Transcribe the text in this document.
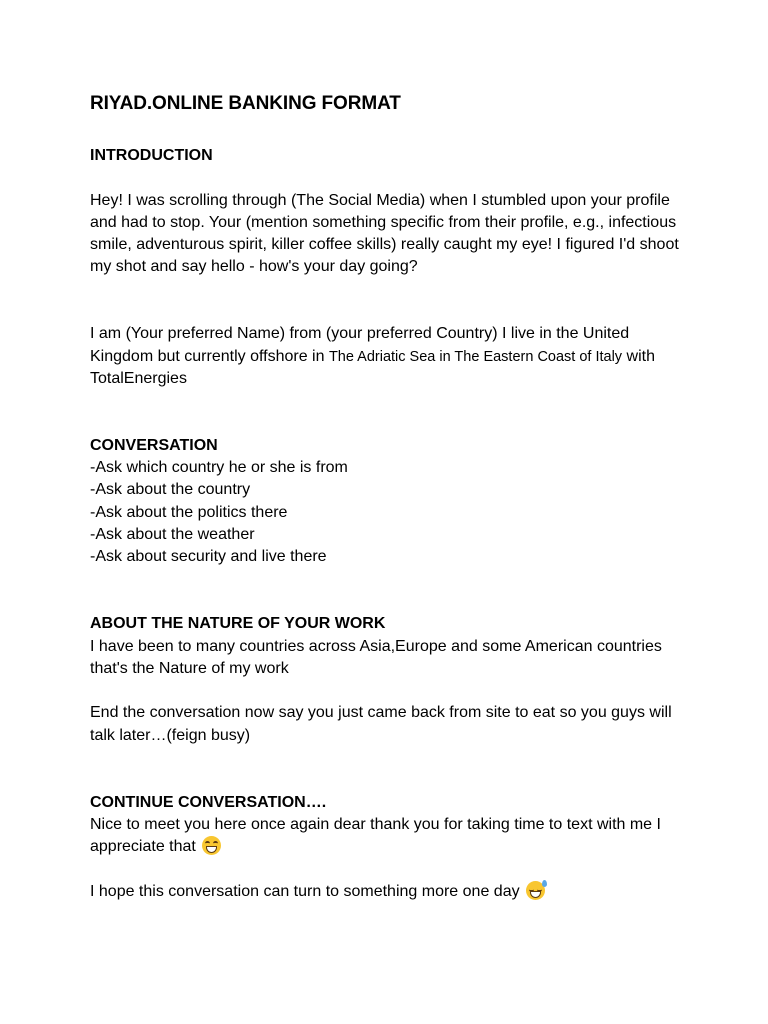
RIYAD.ONLINE BANKING FORMAT

INTRODUCTION

Hey! I was scrolling through (The Social Media) when I stumbled upon your profile and had to stop. Your (mention something specific from their profile, e.g., infectious smile, adventurous spirit, killer coffee skills) really caught my eye! I figured I'd shoot my shot and say hello - how's your day going?

I am (Your preferred Name) from (your preferred Country) I live in the United Kingdom but currently offshore in The Adriatic Sea in The Eastern Coast of Italy with TotalEnergies

CONVERSATION

-Ask which country he or she is from
-Ask about the country
-Ask about the politics there
-Ask about the weather
-Ask about security and live there

ABOUT THE NATURE OF YOUR WORK

I have been to many countries across Asia,Europe and some American countries that's the Nature of my work

End the conversation now say you just came back from site to eat so you guys will talk later…(feign busy)

CONTINUE CONVERSATION….

Nice to meet you here once again dear thank you for taking time to text with me I appreciate that

I hope this conversation can turn to something more one day
